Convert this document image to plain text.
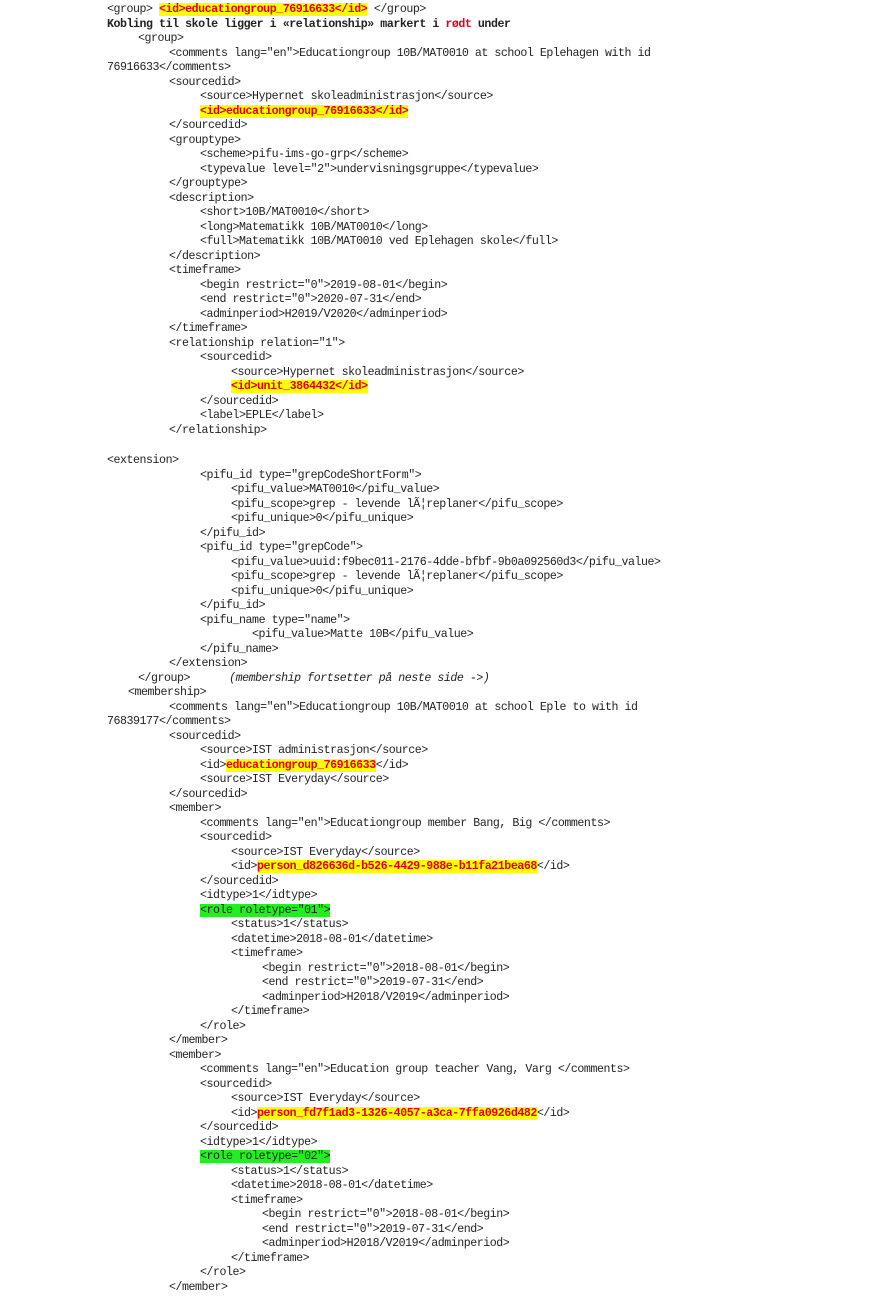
<group> <id>educationgroup_76916633</id> </group>
Kobling til skole ligger i «relationship» markert i rødt under
<group>
<comments lang="en">Educationgroup 10B/MAT0010 at school Eplehagen with id
76916633</comments>
<sourcedid>
<source>Hypernet skoleadministrasjon</source>
<id>educationgroup_76916633</id>
</sourcedid>
<grouptype>
<scheme>pifu-ims-go-grp</scheme>
<typevalue level="2">undervisningsgruppe</typevalue>
</grouptype>
<description>
<short>10B/MAT0010</short>
<long>Matematikk 10B/MAT0010</long>
<full>Matematikk 10B/MAT0010 ved Eplehagen skole</full>
</description>
<timeframe>
<begin restrict="0">2019-08-01</begin>
<end restrict="0">2020-07-31</end>
<adminperiod>H2019/V2020</adminperiod>
</timeframe>
<relationship relation="1">
<sourcedid>
<source>Hypernet skoleadministrasjon</source>
<id>unit_3864432</id>
</sourcedid>
<label>EPLE</label>
</relationship>
<extension>
<pifu_id type="grepCodeShortForm">
<pifu_value>MAT0010</pifu_value>
<pifu_scope>grep - levende lÃ¦replaner</pifu_scope>
<pifu_unique>0</pifu_unique>
</pifu_id>
<pifu_id type="grepCode">
<pifu_value>uuid:f9bec011-2176-4dde-bfbf-9b0a092560d3</pifu_value>
<pifu_scope>grep - levende lÃ¦replaner</pifu_scope>
<pifu_unique>0</pifu_unique>
</pifu_id>
<pifu_name type="name">
<pifu_value>Matte 10B</pifu_value>
</pifu_name>
</extension>
</group>      (membership fortsetter på neste side ->)
<membership>
<comments lang="en">Educationgroup 10B/MAT0010 at school Eple to with id
76839177</comments>
<sourcedid>
<source>IST administrasjon</source>
<id>educationgroup_76916633</id>
<source>IST Everyday</source>
</sourcedid>
<member>
<comments lang="en">Educationgroup member Bang, Big </comments>
<sourcedid>
<source>IST Everyday</source>
<id>person_d826636d-b526-4429-988e-b11fa21bea68</id>
</sourcedid>
<idtype>1</idtype>
<role roletype="01">
<status>1</status>
<datetime>2018-08-01</datetime>
<timeframe>
<begin restrict="0">2018-08-01</begin>
<end restrict="0">2019-07-31</end>
<adminperiod>H2018/V2019</adminperiod>
</timeframe>
</role>
</member>
<member>
<comments lang="en">Education group teacher Vang, Varg </comments>
<sourcedid>
<source>IST Everyday</source>
<id>person_fd7f1ad3-1326-4057-a3ca-7ffa0926d482</id>
</sourcedid>
<idtype>1</idtype>
<role roletype="02">
<status>1</status>
<datetime>2018-08-01</datetime>
<timeframe>
<begin restrict="0">2018-08-01</begin>
<end restrict="0">2019-07-31</end>
<adminperiod>H2018/V2019</adminperiod>
</timeframe>
</role>
</member>
